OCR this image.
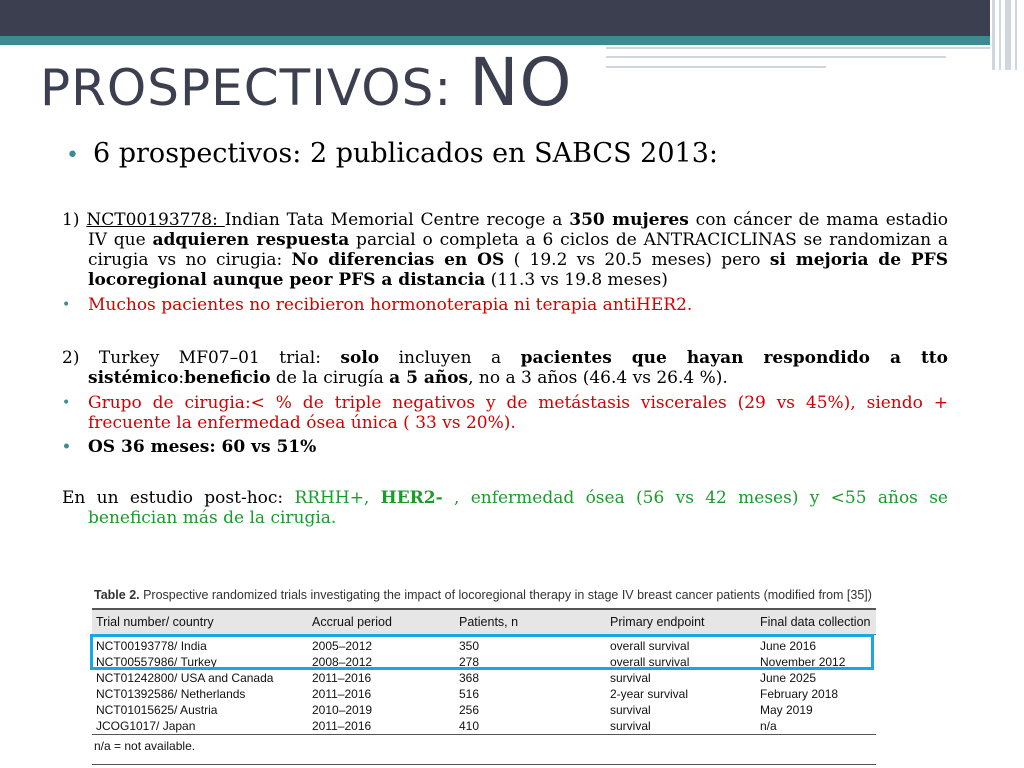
PROSPECTIVOS: NO
• 6 prospectivos: 2 publicados en SABCS 2013:

1) NCT00193778: Indian Tata Memorial Centre recoge a 350 mujeres con cáncer de mama estadio IV que adquieren respuesta parcial o completa a 6 ciclos de ANTRACICLINAS se randomizan a cirugia vs no cirugia: No diferencias en OS ( 19.2 vs 20.5 meses) pero si mejoria de PFS locoregional aunque peor PFS a distancia (11.3 vs 19.8 meses)

• Muchos pacientes no recibieron hormonoterapia ni terapia antiHER2.

2) Turkey MF07–01 trial: solo incluyen a pacientes que hayan respondido a tto sistémico:beneficio de la cirugía a 5 años, no a 3 años (46.4 vs 26.4 %).

• Grupo de cirugia:< % de triple negativos y de metástasis viscerales (29 vs 45%), siendo + frecuente la enfermedad ósea única ( 33 vs 20%).

• OS 36 meses: 60 vs 51%

En un estudio post-hoc: RRHH+, HER2- , enfermedad ósea (56 vs 42 meses) y <55 años se benefician más de la cirugia.

Table 2. Prospective randomized trials investigating the impact of locoregional therapy in stage IV breast cancer patients (modified from [35])
Trial number/ country	Accrual period	Patients, n	Primary endpoint	Final data collection
NCT00193778/ India	2005–2012	350	overall survival	June 2016
NCT00557986/ Turkey	2008–2012	278	overall survival	November 2012
NCT01242800/ USA and Canada	2011–2016	368	survival	June 2025
NCT01392586/ Netherlands	2011–2016	516	2-year survival	February 2018
NCT01015625/ Austria	2010–2019	256	survival	May 2019
JCOG1017/ Japan	2011–2016	410	survival	n/a
n/a = not available.
